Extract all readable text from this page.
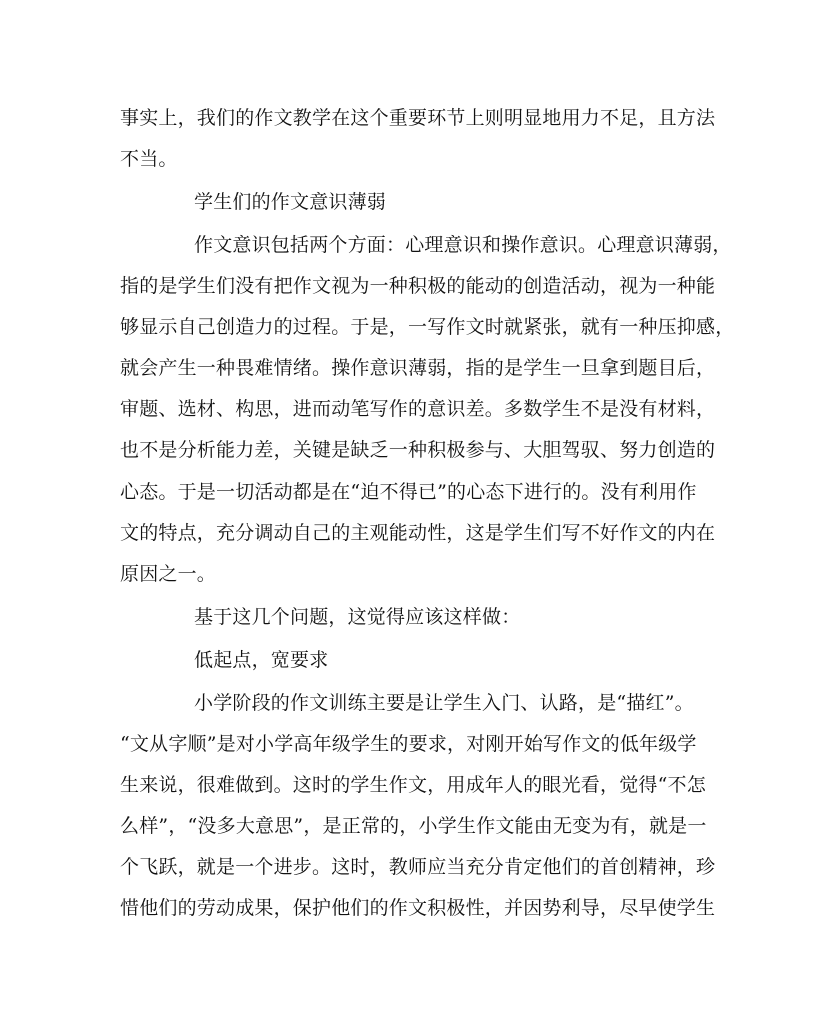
事实上，我们的作文教学在这个重要环节上则明显地用力不足，且方法
不当。
学生们的作文意识薄弱
作文意识包括两个方面：心理意识和操作意识。心理意识薄弱，
指的是学生们没有把作文视为一种积极的能动的创造活动，视为一种能
够显示自己创造力的过程。于是，一写作文时就紧张，就有一种压抑感，
就会产生一种畏难情绪。操作意识薄弱，指的是学生一旦拿到题目后，
审题、选材、构思，进而动笔写作的意识差。多数学生不是没有材料，
也不是分析能力差，关键是缺乏一种积极参与、大胆驾驭、努力创造的
心态。于是一切活动都是在“迫不得已”的心态下进行的。没有利用作
文的特点，充分调动自己的主观能动性，这是学生们写不好作文的内在
原因之一。
基于这几个问题，这觉得应该这样做：
低起点，宽要求
小学阶段的作文训练主要是让学生入门、认路，是“描红”。
“文从字顺”是对小学高年级学生的要求，对刚开始写作文的低年级学
生来说，很难做到。这时的学生作文，用成年人的眼光看，觉得“不怎
么样”，“没多大意思”，是正常的，小学生作文能由无变为有，就是一
个飞跃，就是一个进步。这时，教师应当充分肯定他们的首创精神，珍
惜他们的劳动成果，保护他们的作文积极性，并因势利导，尽早使学生
